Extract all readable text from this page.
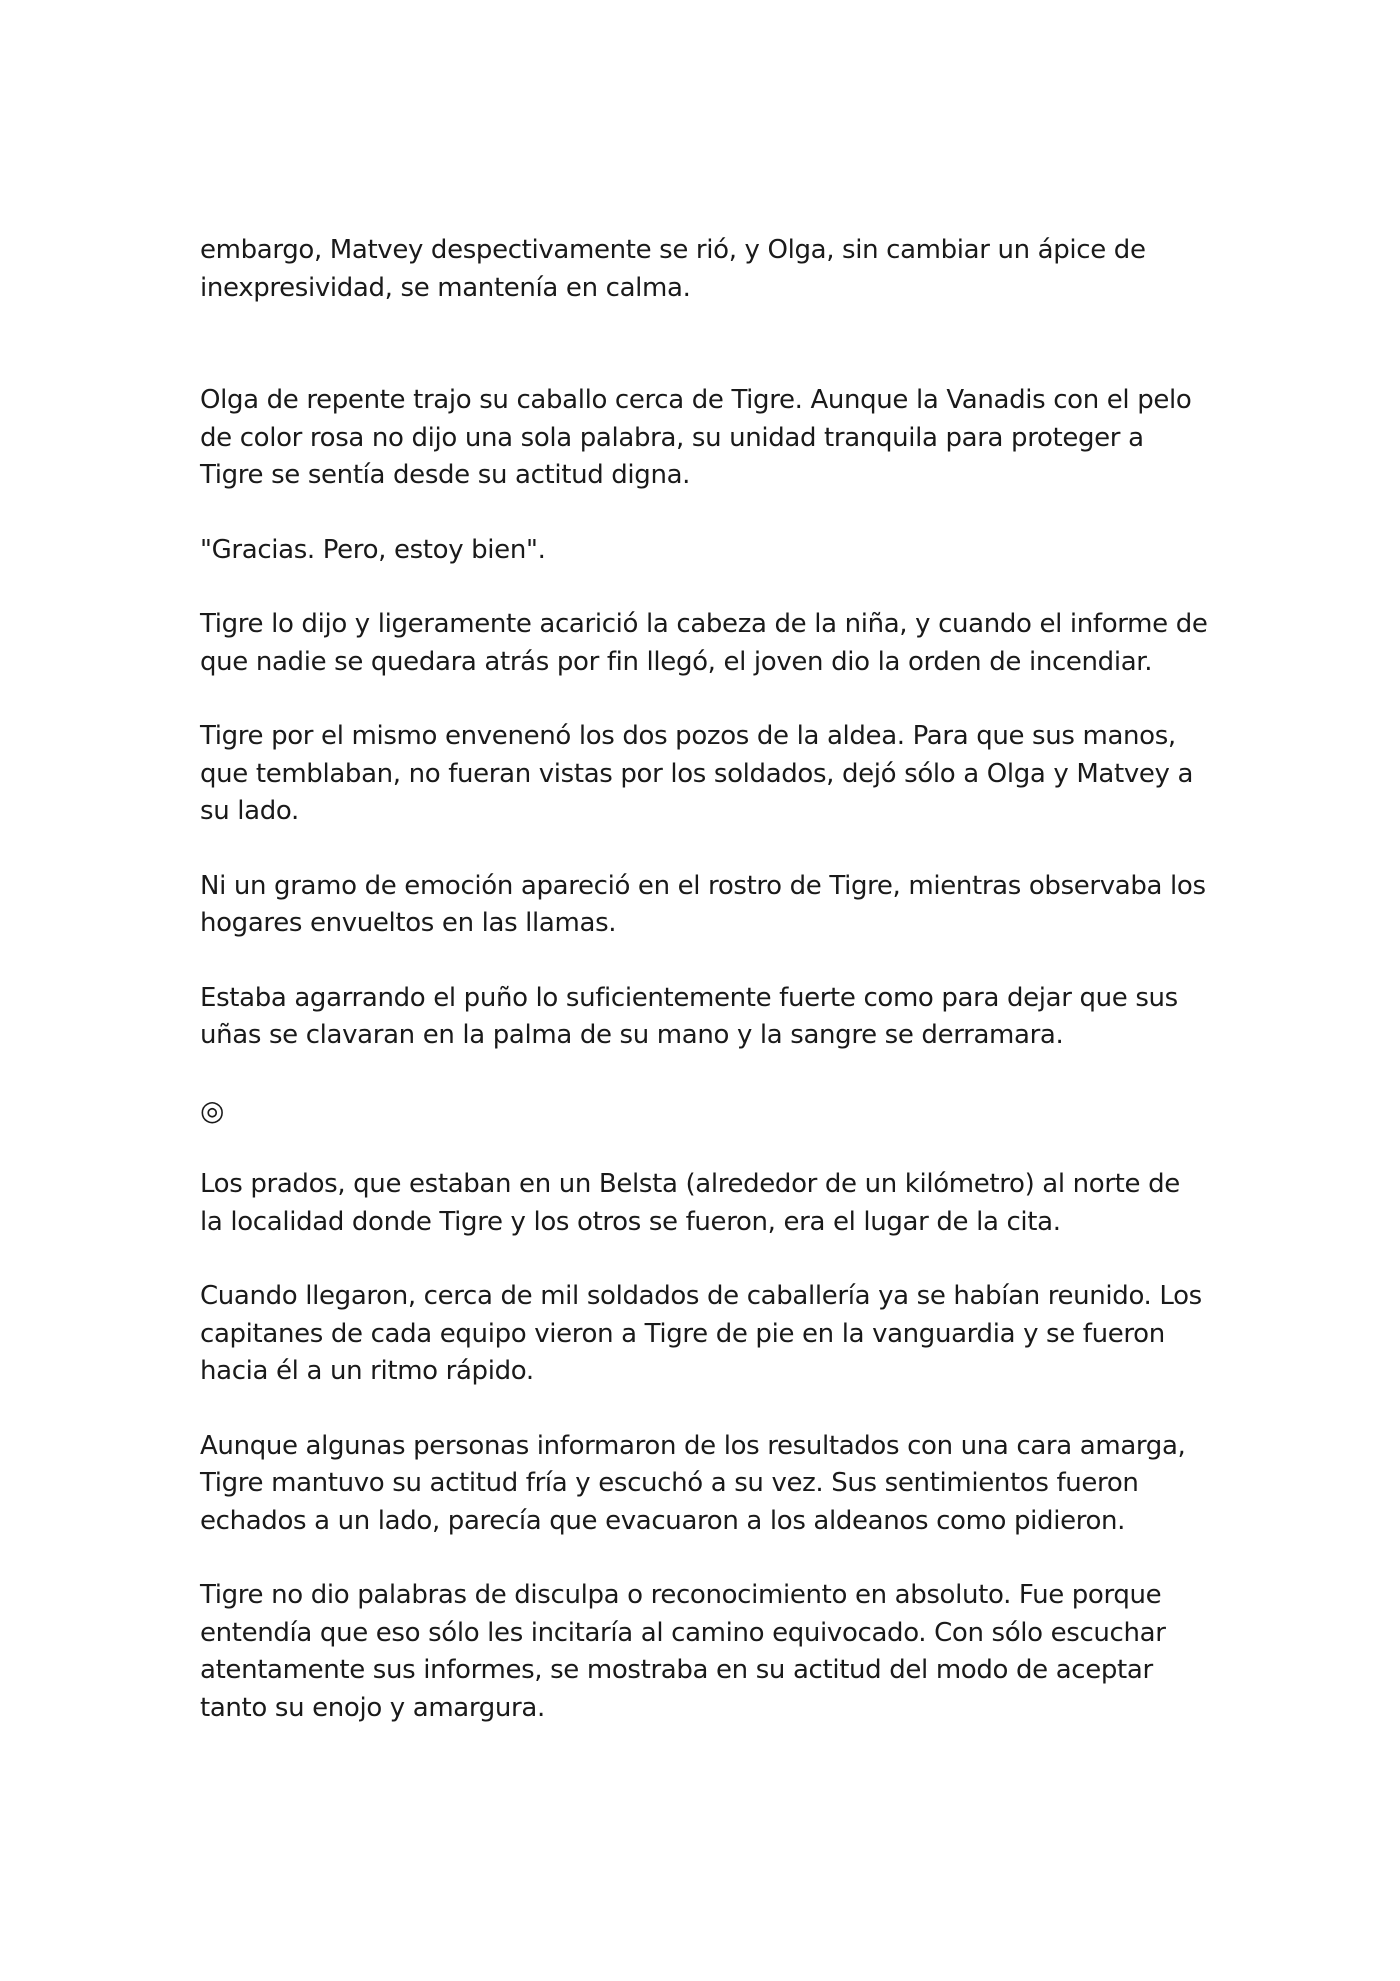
embargo, Matvey despectivamente se rió, y Olga, sin cambiar un ápice de inexpresividad, se mantenía en calma.

Olga de repente trajo su caballo cerca de Tigre. Aunque la Vanadis con el pelo de color rosa no dijo una sola palabra, su unidad tranquila para proteger a Tigre se sentía desde su actitud digna.

"Gracias. Pero, estoy bien".

Tigre lo dijo y ligeramente acarició la cabeza de la niña, y cuando el informe de que nadie se quedara atrás por fin llegó, el joven dio la orden de incendiar.

Tigre por el mismo envenenó los dos pozos de la aldea. Para que sus manos, que temblaban, no fueran vistas por los soldados, dejó sólo a Olga y Matvey a su lado.

Ni un gramo de emoción apareció en el rostro de Tigre, mientras observaba los hogares envueltos en las llamas.

Estaba agarrando el puño lo suficientemente fuerte como para dejar que sus uñas se clavaran en la palma de su mano y la sangre se derramara.

◎

Los prados, que estaban en un Belsta (alrededor de un kilómetro) al norte de la localidad donde Tigre y los otros se fueron, era el lugar de la cita.

Cuando llegaron, cerca de mil soldados de caballería ya se habían reunido. Los capitanes de cada equipo vieron a Tigre de pie en la vanguardia y se fueron hacia él a un ritmo rápido.

Aunque algunas personas informaron de los resultados con una cara amarga, Tigre mantuvo su actitud fría y escuchó a su vez. Sus sentimientos fueron echados a un lado, parecía que evacuaron a los aldeanos como pidieron.

Tigre no dio palabras de disculpa o reconocimiento en absoluto. Fue porque entendía que eso sólo les incitaría al camino equivocado. Con sólo escuchar atentamente sus informes, se mostraba en su actitud del modo de aceptar tanto su enojo y amargura.
